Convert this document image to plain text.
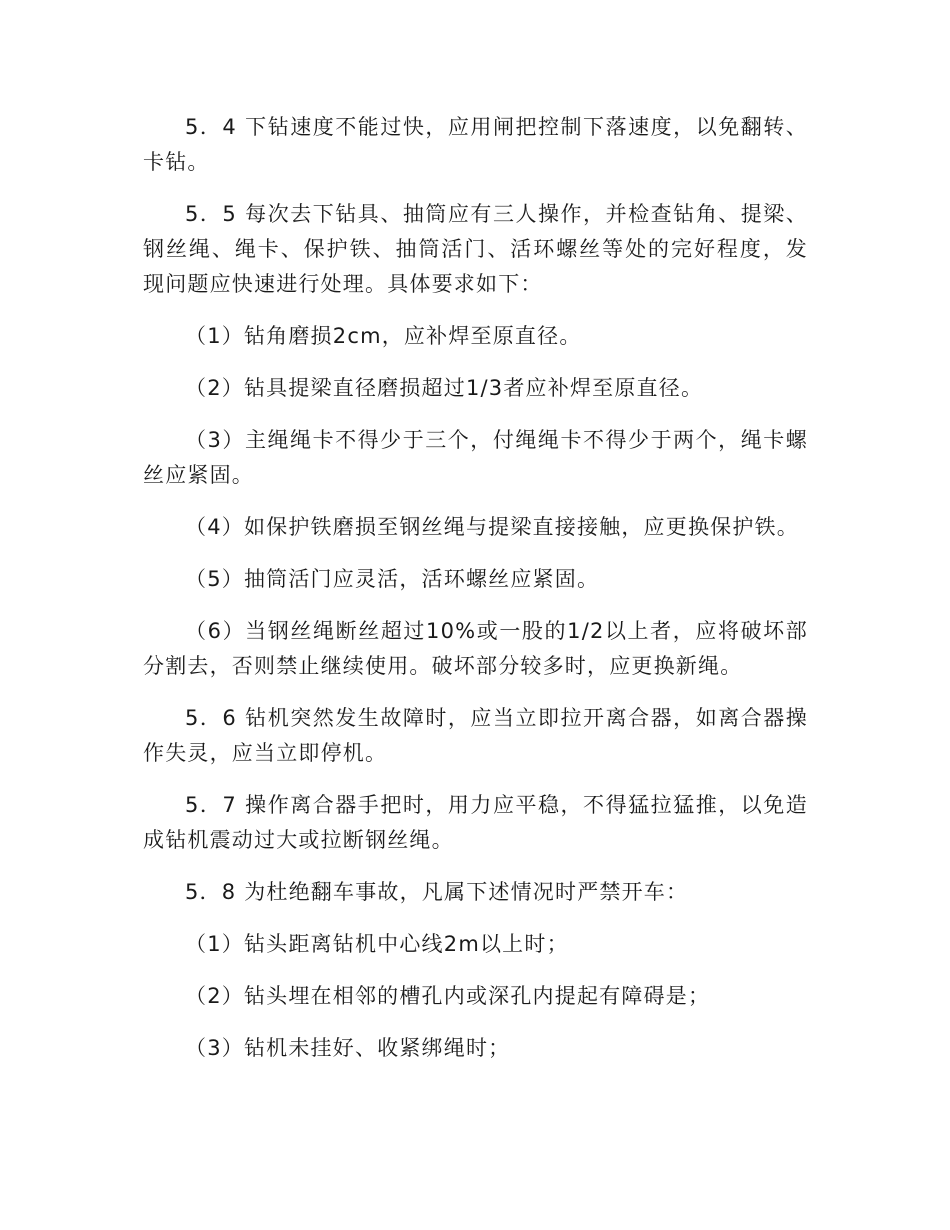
5．4 下钻速度不能过快，应用闸把控制下落速度，以免翻转、卡钻。

5．5 每次去下钻具、抽筒应有三人操作，并检查钻角、提梁、钢丝绳、绳卡、保护铁、抽筒活门、活环螺丝等处的完好程度，发现问题应快速进行处理。具体要求如下：

（1）钻角磨损2cm，应补焊至原直径。

（2）钻具提梁直径磨损超过1/3者应补焊至原直径。

（3）主绳绳卡不得少于三个，付绳绳卡不得少于两个，绳卡螺丝应紧固。

（4）如保护铁磨损至钢丝绳与提梁直接接触，应更换保护铁。

（5）抽筒活门应灵活，活环螺丝应紧固。

（6）当钢丝绳断丝超过10%或一股的1/2以上者，应将破坏部分割去，否则禁止继续使用。破坏部分较多时，应更换新绳。

5．6 钻机突然发生故障时，应当立即拉开离合器，如离合器操作失灵，应当立即停机。

5．7 操作离合器手把时，用力应平稳，不得猛拉猛推，以免造成钻机震动过大或拉断钢丝绳。

5．8 为杜绝翻车事故，凡属下述情况时严禁开车：

（1）钻头距离钻机中心线2m以上时；

（2）钻头埋在相邻的槽孔内或深孔内提起有障碍是；

（3）钻机未挂好、收紧绑绳时；
